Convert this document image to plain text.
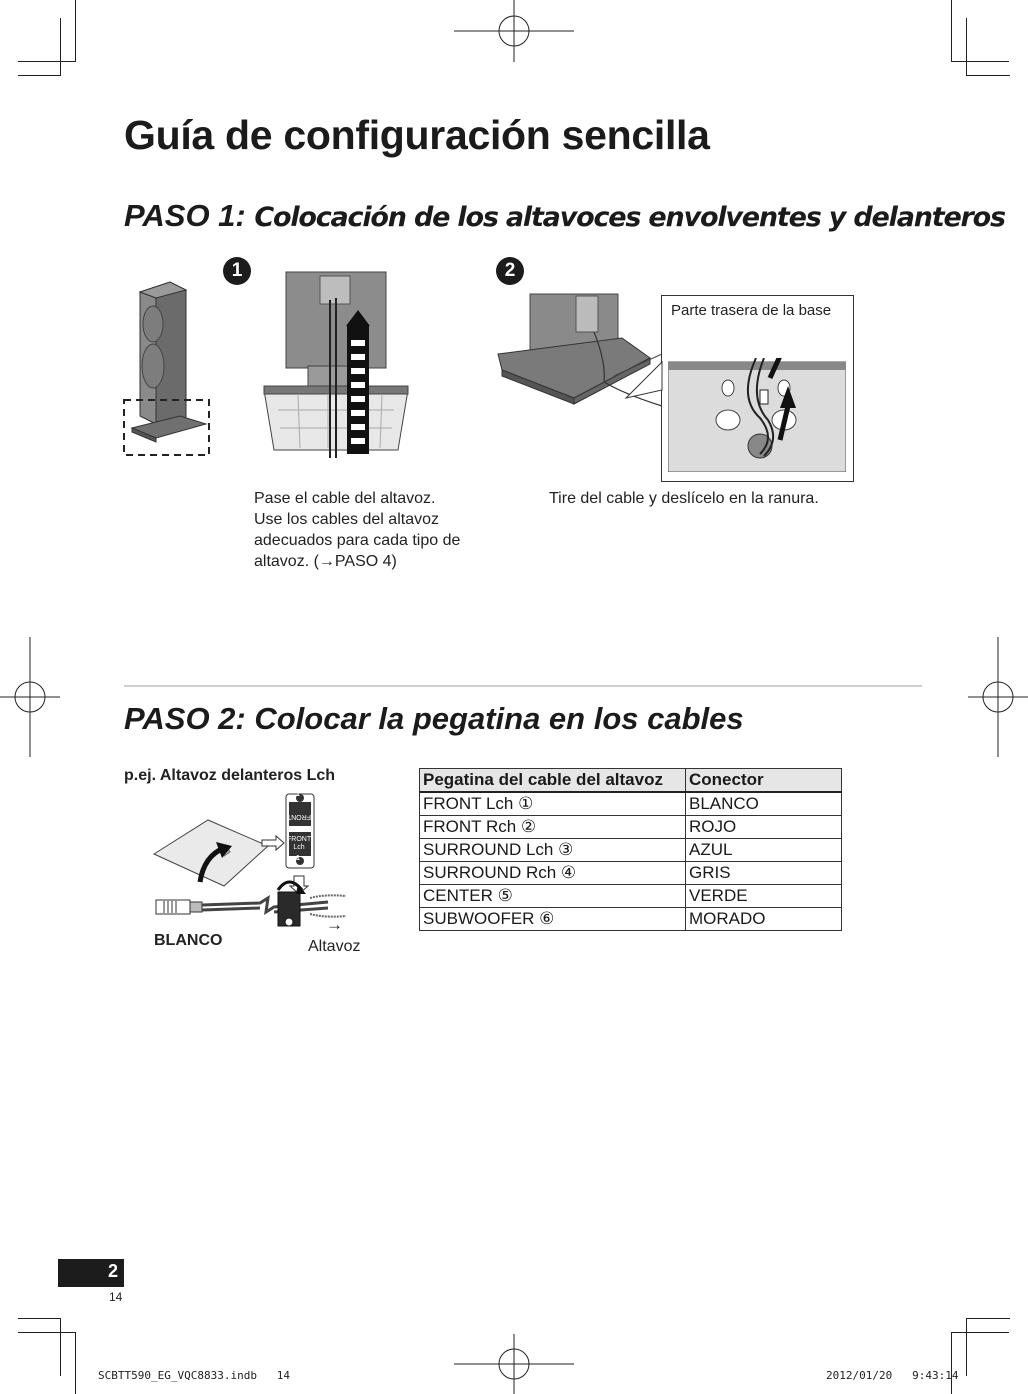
Guía de configuración sencilla
PASO 1: Colocación de los altavoces envolventes y delanteros
1
Pase el cable del altavoz.
Use los cables del altavoz
adecuados para cada tipo de
altavoz. (→PASO 4)
2
Parte trasera de la base
Tire del cable y deslícelo en la ranura.
PASO 2: Colocar la pegatina en los cables
p.ej. Altavoz delanteros Lch
FRONT
FRONT
Lch
1
1
BLANCO
→
Altavoz
Pegatina del cable del altavoz	Conector
FRONT Lch ①	BLANCO
FRONT Rch ②	ROJO
SURROUND Lch ③	AZUL
SURROUND Rch ④	GRIS
CENTER ⑤	VERDE
SUBWOOFER ⑥	MORADO
2
14
SCBTT590_EG_VQC8833.indb   14	2012/01/20   9:43:14
